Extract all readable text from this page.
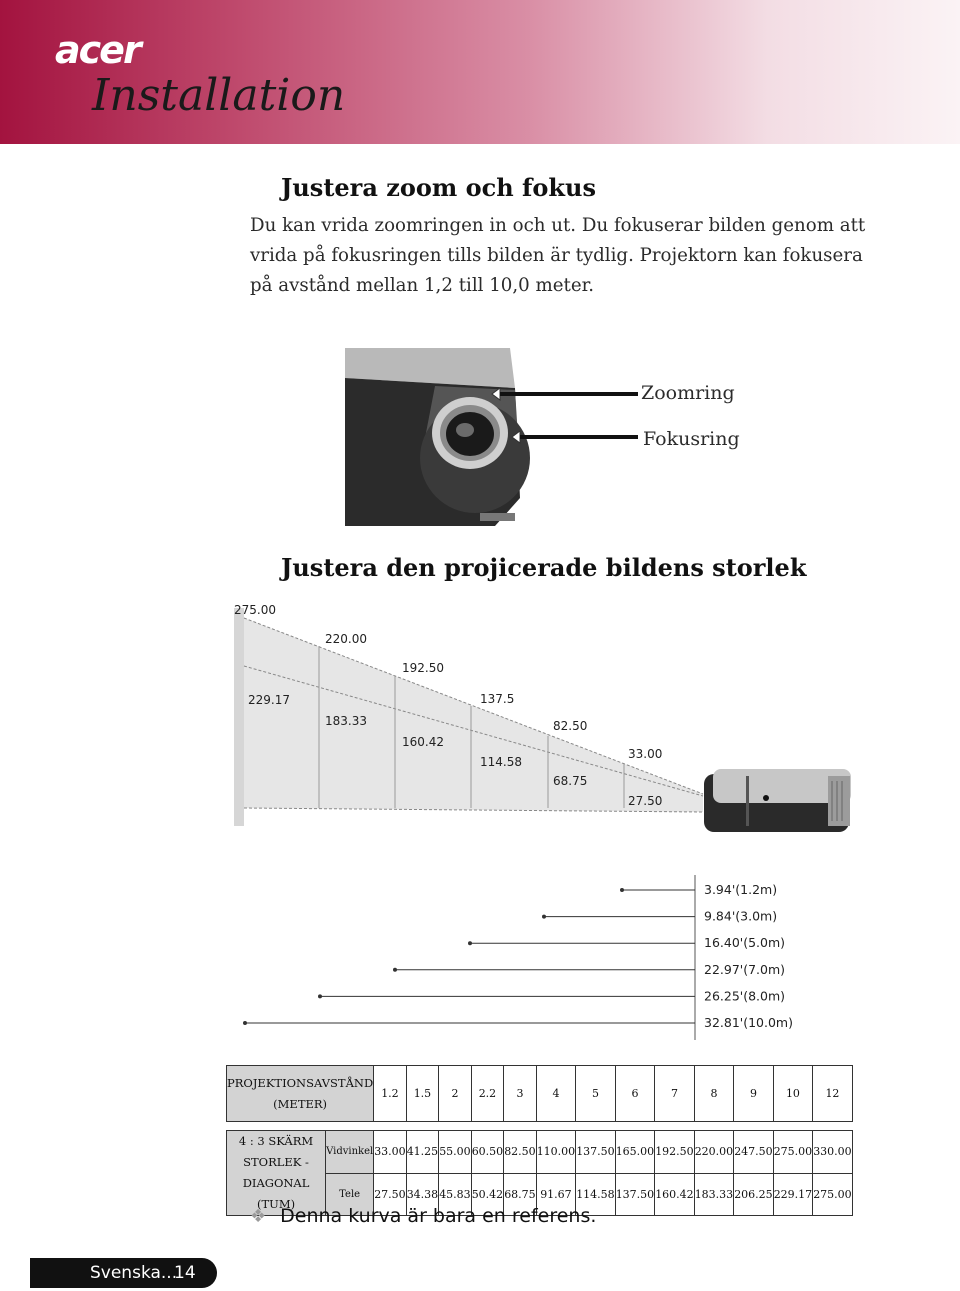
acer
Installation
Justera zoom och fokus
Du kan vrida zoomringen in och ut. Du fokuserar bilden genom att vrida på fokusringen tills bilden är tydlig. Projektorn kan fokusera på avstånd mellan 1,2 till 10,0 meter.
Zoomring
Fokusring
Justera den projicerade bildens storlek
275.00
220.00
192.50
137.5
82.50
33.00
229.17
183.33
160.42
114.58
68.75
27.50
3.94'(1.2m)
9.84'(3.0m)
16.40'(5.0m)
22.97'(7.0m)
26.25'(8.0m)
32.81'(10.0m)
PROJEKTIONSAVSTÅND
(METER)		1.2	1.5	2	2.2	3	4	5	6	7	8	9	10	12

4 : 3 SKÄRM
STORLEK - DIAGONAL
(TUM)	Vidvinkel	33.00	41.25	55.00	60.50	82.50	110.00	137.50	165.00	192.50	220.00	247.50	275.00	330.00
	Tele	27.50	34.38	45.83	50.42	68.75	91.67	114.58	137.50	160.42	183.33	206.25	229.17	275.00
❖ Denna kurva är bara en referens.
Svenska...
14
